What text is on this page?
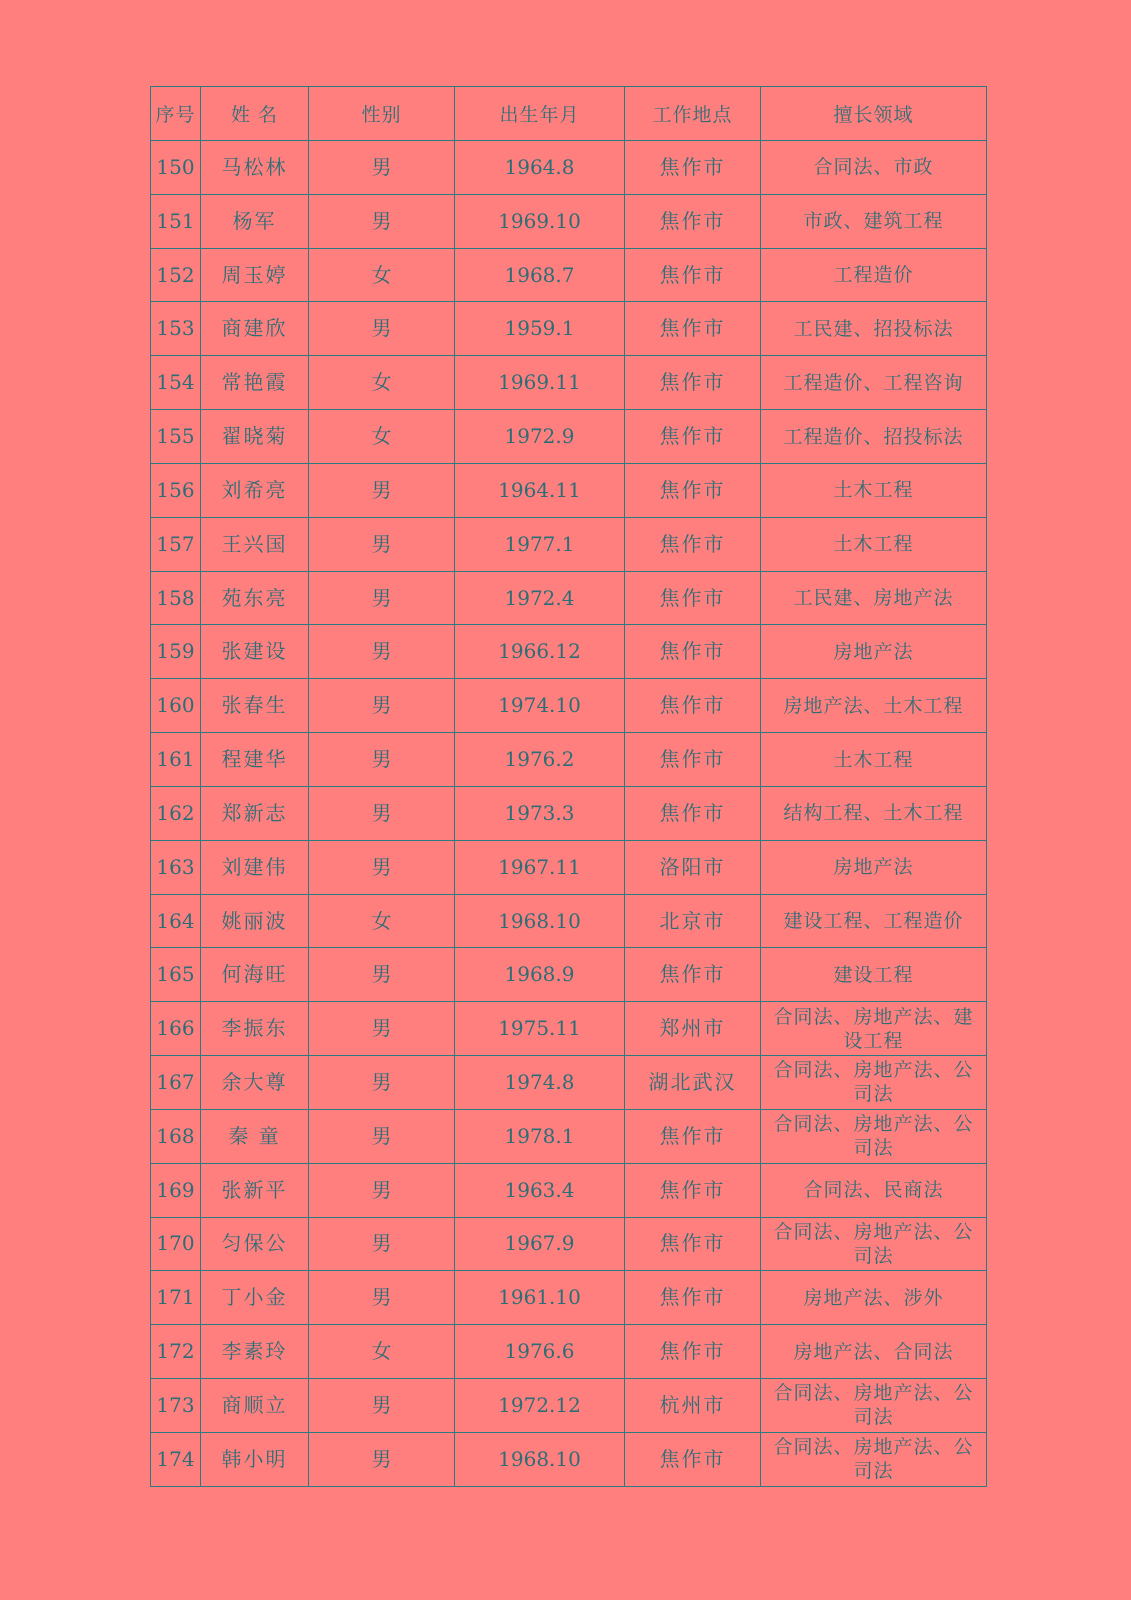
序号	姓 名	性别	出生年月	工作地点	擅长领域
150	马松林	男	1964.8	焦作市	合同法、市政
151	杨军	男	1969.10	焦作市	市政、建筑工程
152	周玉婷	女	1968.7	焦作市	工程造价
153	商建欣	男	1959.1	焦作市	工民建、招投标法
154	常艳霞	女	1969.11	焦作市	工程造价、工程咨询
155	翟晓菊	女	1972.9	焦作市	工程造价、招投标法
156	刘希亮	男	1964.11	焦作市	土木工程
157	王兴国	男	1977.1	焦作市	土木工程
158	苑东亮	男	1972.4	焦作市	工民建、房地产法
159	张建设	男	1966.12	焦作市	房地产法
160	张春生	男	1974.10	焦作市	房地产法、土木工程
161	程建华	男	1976.2	焦作市	土木工程
162	郑新志	男	1973.3	焦作市	结构工程、土木工程
163	刘建伟	男	1967.11	洛阳市	房地产法
164	姚丽波	女	1968.10	北京市	建设工程、工程造价
165	何海旺	男	1968.9	焦作市	建设工程
166	李振东	男	1975.11	郑州市	合同法、房地产法、建设工程
167	余大尊	男	1974.8	湖北武汉	合同法、房地产法、公司法
168	秦 童	男	1978.1	焦作市	合同法、房地产法、公司法
169	张新平	男	1963.4	焦作市	合同法、民商法
170	匀保公	男	1967.9	焦作市	合同法、房地产法、公司法
171	丁小金	男	1961.10	焦作市	房地产法、涉外
172	李素玲	女	1976.6	焦作市	房地产法、合同法
173	商顺立	男	1972.12	杭州市	合同法、房地产法、公司法
174	韩小明	男	1968.10	焦作市	合同法、房地产法、公司法
